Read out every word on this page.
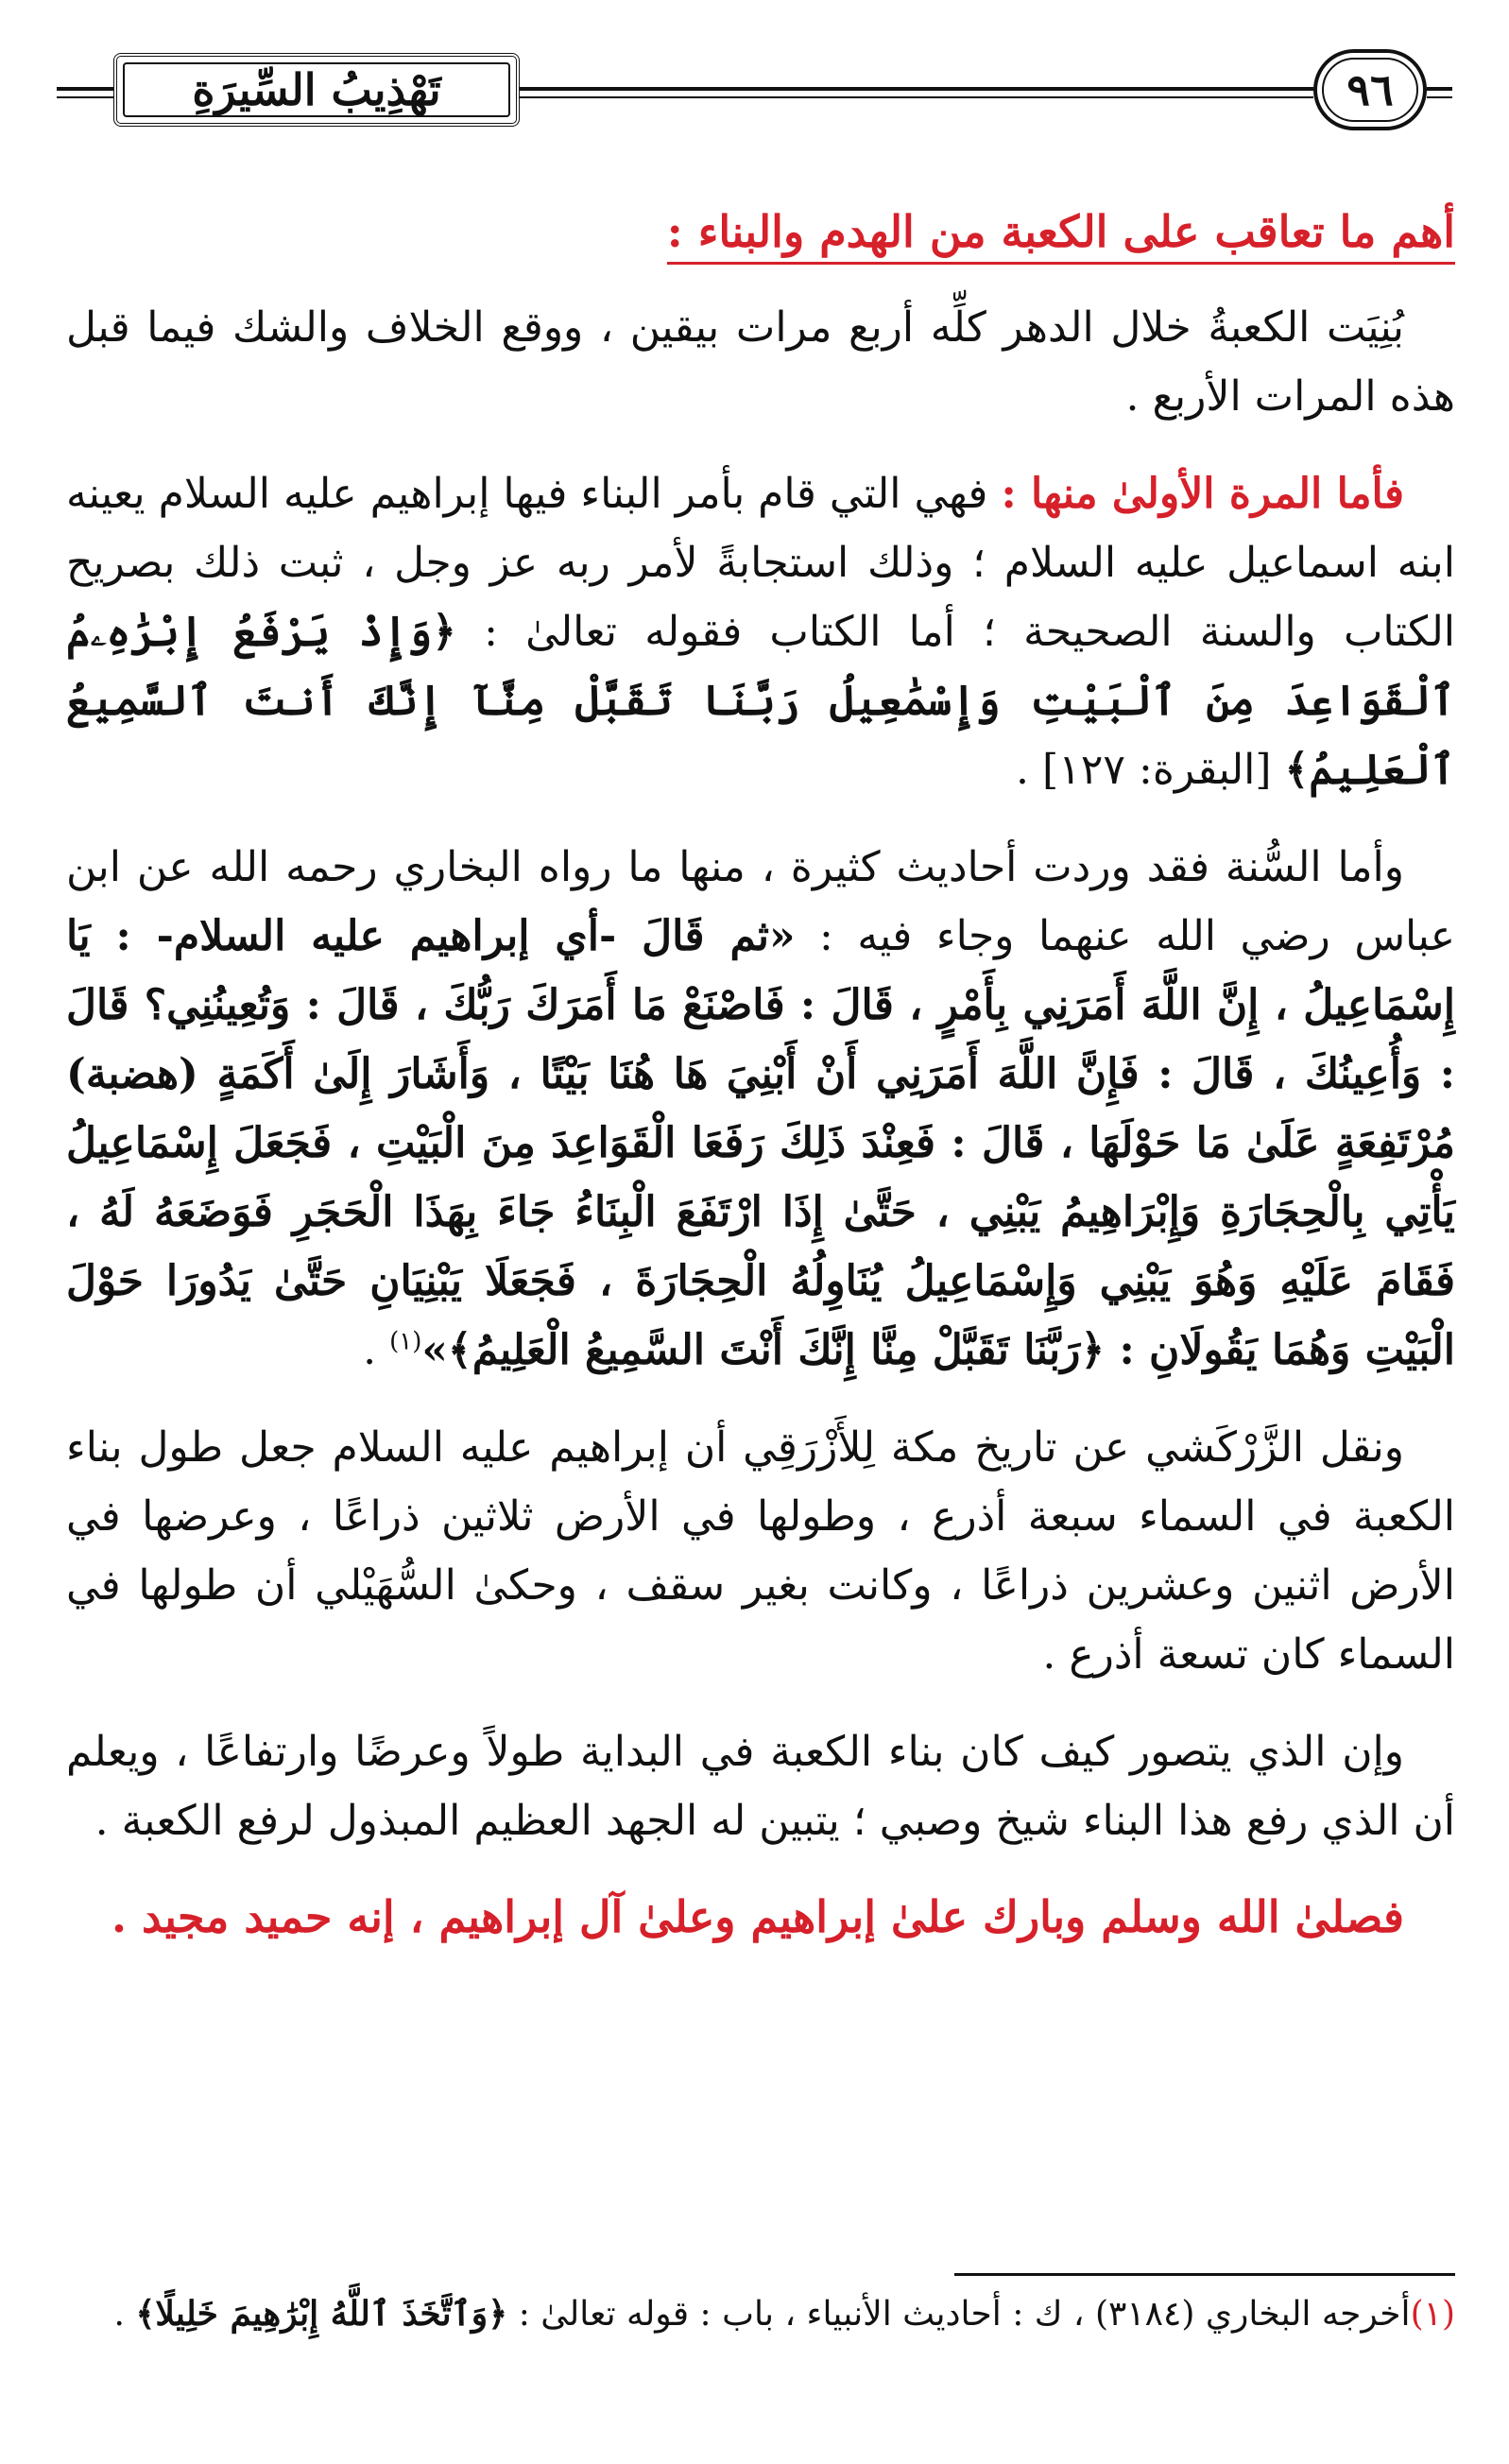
تَهْذِيبُ السِّيرَةِ	٩٦
أهم ما تعاقب على الكعبة من الهدم والبناء :

بُنِيَت الكعبةُ خلال الدهر كلِّه أربع مرات بيقين ، ووقع الخلاف والشك فيما قبل هذه المرات الأربع .

فأما المرة الأولىٰ منها : فهي التي قام بأمر البناء فيها إبراهيم عليه السلام يعينه ابنه اسماعيل عليه السلام ؛ وذلك استجابةً لأمر ربه عز وجل ، ثبت ذلك بصريح الكتاب والسنة الصحيحة ؛ أما الكتاب فقوله تعالىٰ : ﴿وَإِذْ يَرْفَعُ إِبْرَٰهِۦمُ ٱلْقَوَاعِدَ مِنَ ٱلْبَيْتِ وَإِسْمَٰعِيلُ رَبَّنَا تَقَبَّلْ مِنَّآ إِنَّكَ أَنتَ ٱلسَّمِيعُ ٱلْعَلِيمُ﴾ [البقرة: ١٢٧] .

وأما السُّنة فقد وردت أحاديث كثيرة ، منها ما رواه البخاري رحمه الله عن ابن عباس رضي الله عنهما وجاء فيه : «ثم قَالَ -أي إبراهيم عليه السلام- : يَا إِسْمَاعِيلُ ، إِنَّ اللَّهَ أَمَرَنِي بِأَمْرٍ ، قَالَ : فَاصْنَعْ مَا أَمَرَكَ رَبُّكَ ، قَالَ : وَتُعِينُنِي؟ قَالَ : وَأُعِينُكَ ، قَالَ : فَإِنَّ اللَّهَ أَمَرَنِي أَنْ أَبْنِيَ هَا هُنَا بَيْتًا ، وَأَشَارَ إِلَىٰ أَكَمَةٍ (هضبة) مُرْتَفِعَةٍ عَلَىٰ مَا حَوْلَهَا ، قَالَ : فَعِنْدَ ذَلِكَ رَفَعَا الْقَوَاعِدَ مِنَ الْبَيْتِ ، فَجَعَلَ إِسْمَاعِيلُ يَأْتِي بِالْحِجَارَةِ وَإِبْرَاهِيمُ يَبْنِي ، حَتَّىٰ إِذَا ارْتَفَعَ الْبِنَاءُ جَاءَ بِهَذَا الْحَجَرِ فَوَضَعَهُ لَهُ ، فَقَامَ عَلَيْهِ وَهُوَ يَبْنِي وَإِسْمَاعِيلُ يُنَاوِلُهُ الْحِجَارَةَ ، فَجَعَلَا يَبْنِيَانِ حَتَّىٰ يَدُورَا حَوْلَ الْبَيْتِ وَهُمَا يَقُولَانِ : ﴿رَبَّنَا تَقَبَّلْ مِنَّا إِنَّكَ أَنْتَ السَّمِيعُ الْعَلِيمُ﴾»$^{(١)}$ .

ونقل الزَّرْكَشي عن تاريخ مكة لِلأَزْرَقِي أن إبراهيم عليه السلام جعل طول بناء الكعبة في السماء سبعة أذرع ، وطولها في الأرض ثلاثين ذراعًا ، وعرضها في الأرض اثنين وعشرين ذراعًا ، وكانت بغير سقف ، وحكىٰ السُّهَيْلي أن طولها في السماء كان تسعة أذرع .

وإن الذي يتصور كيف كان بناء الكعبة في البداية طولاً وعرضًا وارتفاعًا ، ويعلم أن الذي رفع هذا البناء شيخ وصبي ؛ يتبين له الجهد العظيم المبذول لرفع الكعبة .

فصلىٰ الله وسلم وبارك علىٰ إبراهيم وعلىٰ آل إبراهيم ، إنه حميد مجيد .

(١)أخرجه البخاري (٣١٨٤) ، ك : أحاديث الأنبياء ، باب : قوله تعالىٰ : ﴿وَٱتَّخَذَ ٱللَّهُ إِبْرَٰهِيمَ خَلِيلًا﴾ .
